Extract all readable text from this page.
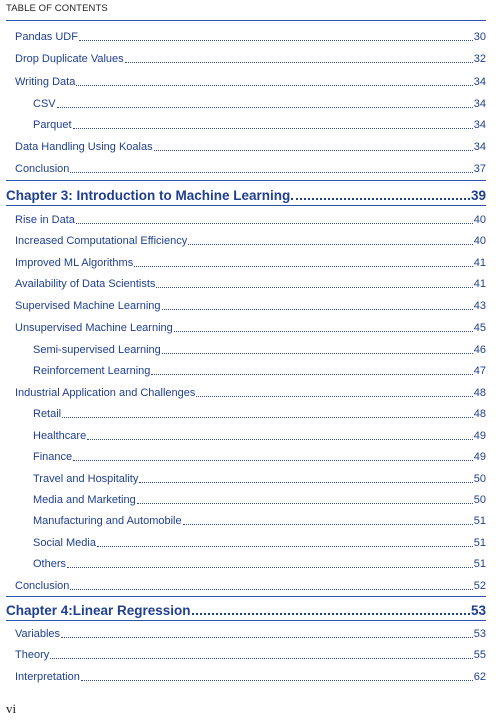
TABLE OF CONTENTS
Pandas UDF	30
Drop Duplicate Values	32
Writing Data	34
CSV	34
Parquet	34
Data Handling Using Koalas	34
Conclusion	37
Chapter 3: Introduction to Machine Learning	39
Rise in Data	40
Increased Computational Efficiency	40
Improved ML Algorithms	41
Availability of Data Scientists	41
Supervised Machine Learning	43
Unsupervised Machine Learning	45
Semi-supervised Learning	46
Reinforcement Learning	47
Industrial Application and Challenges	48
Retail	48
Healthcare	49
Finance	49
Travel and Hospitality	50
Media and Marketing	50
Manufacturing and Automobile	51
Social Media	51
Others	51
Conclusion	52
Chapter 4:Linear Regression	53
Variables	53
Theory	55
Interpretation	62
vi
